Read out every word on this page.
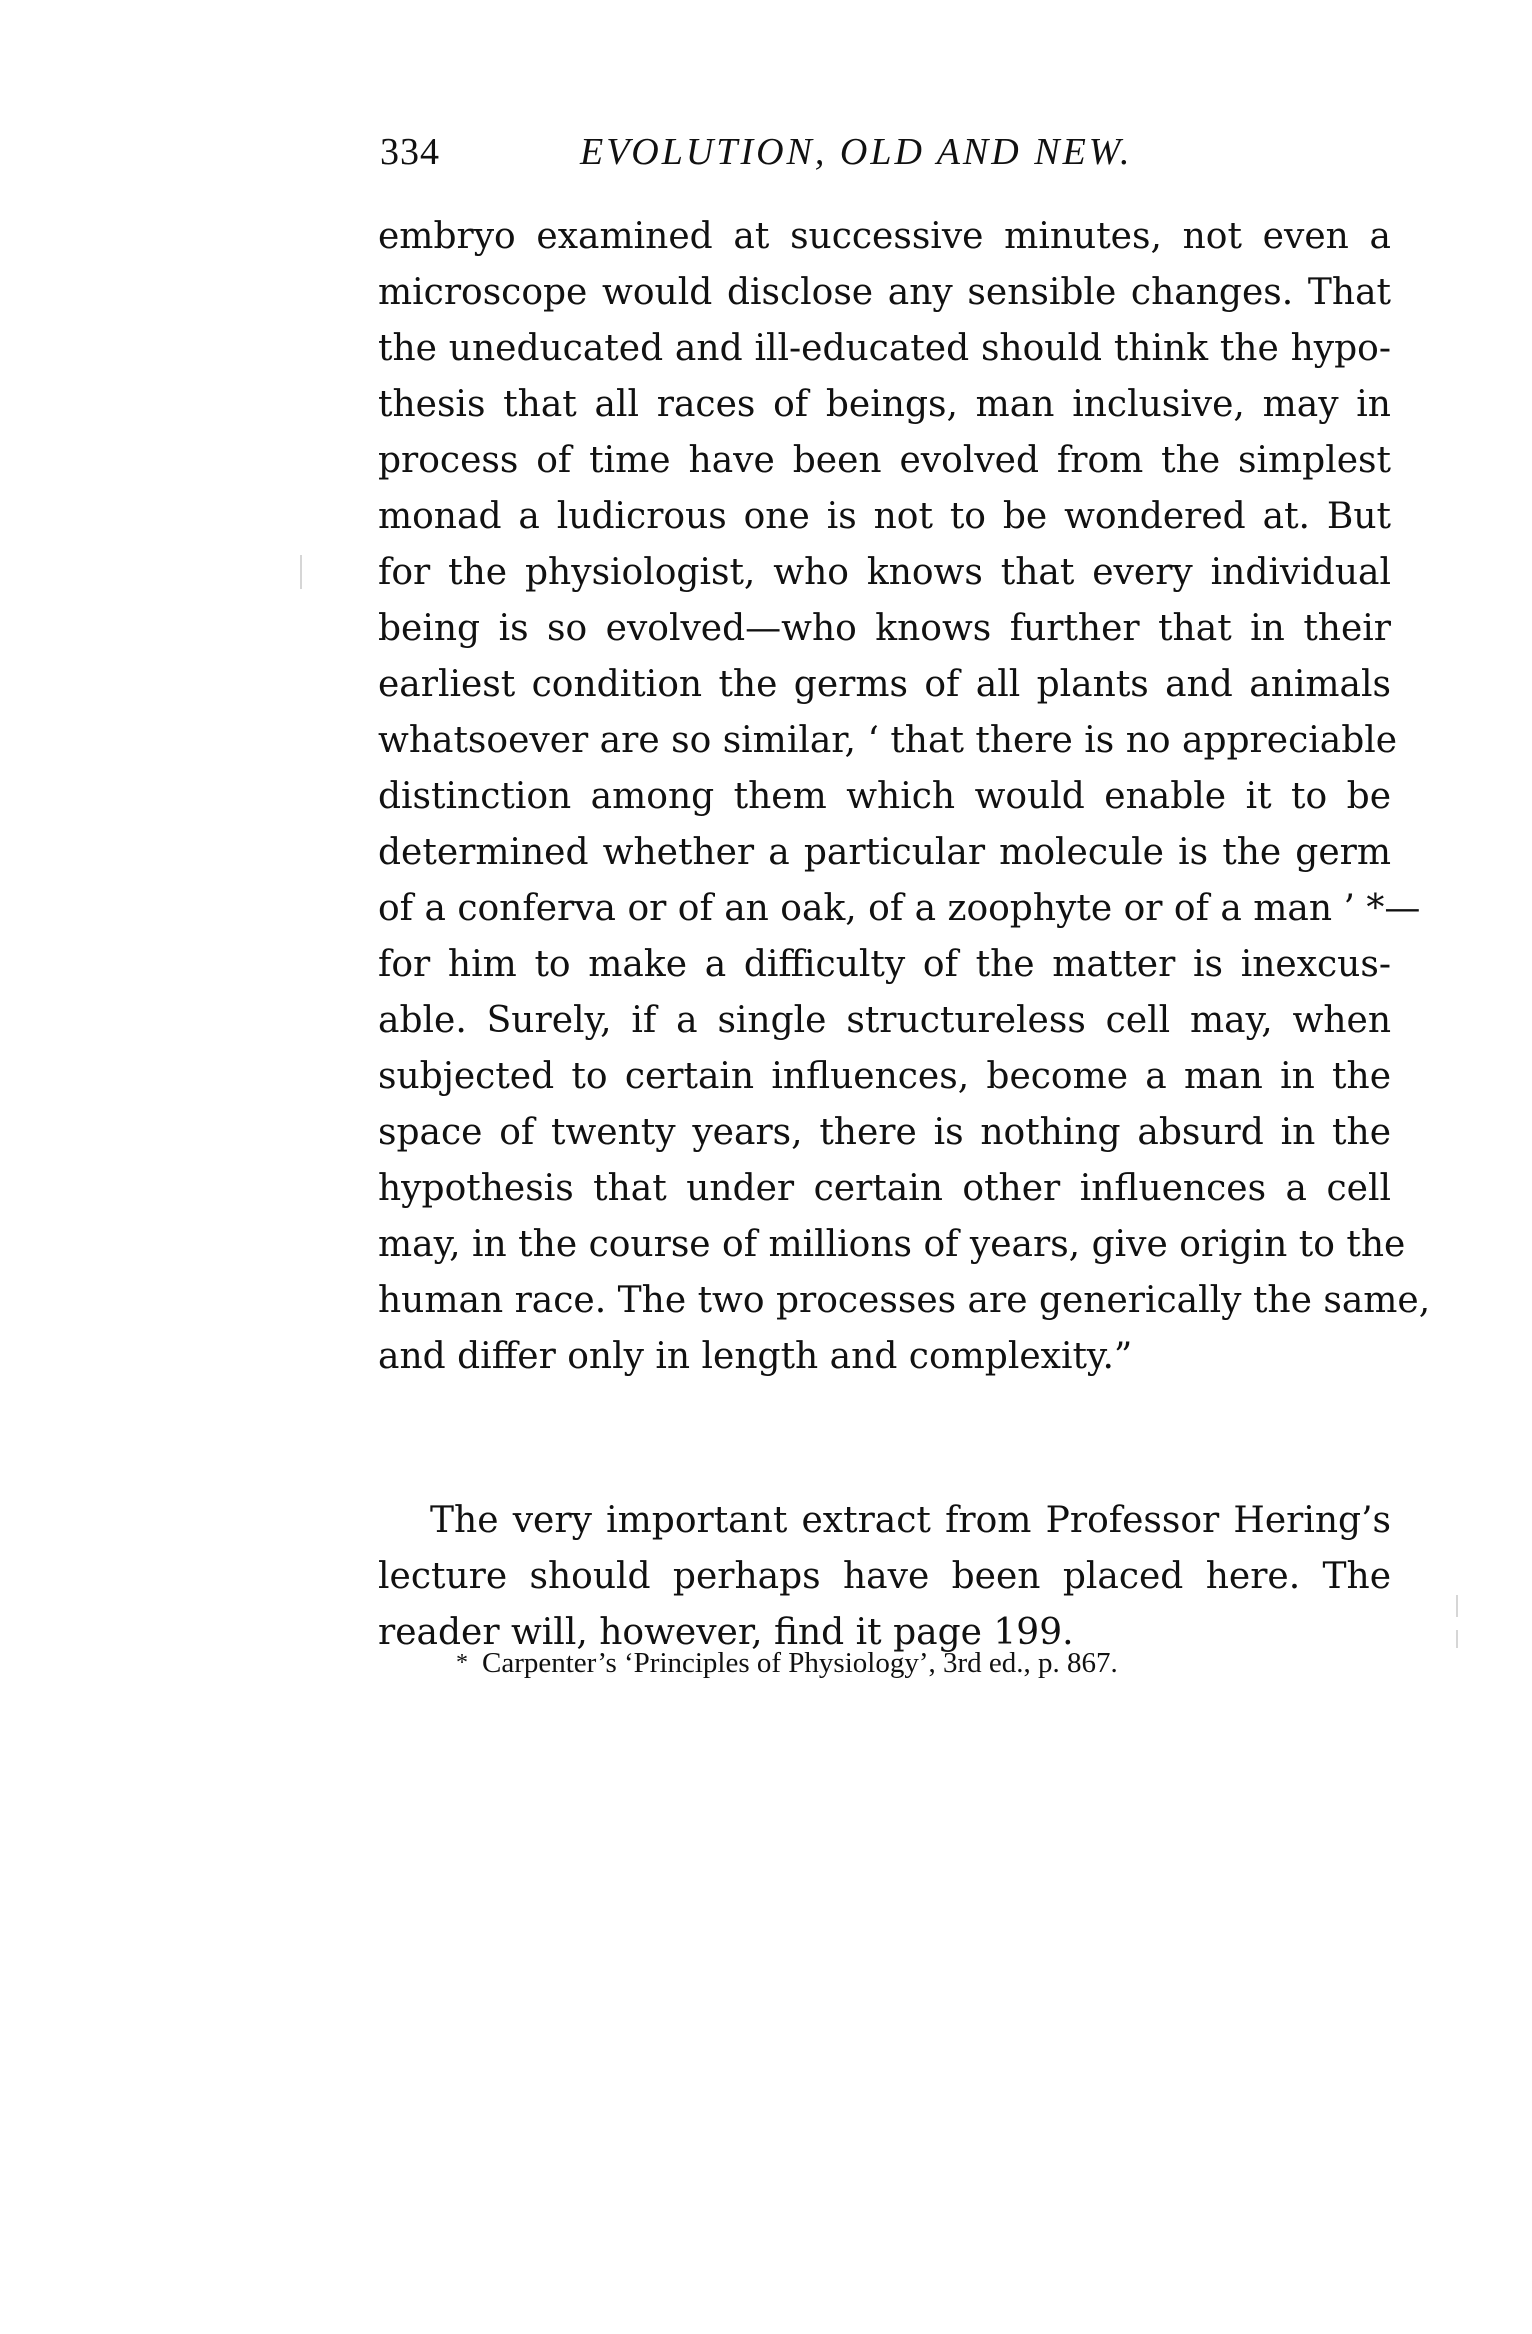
334	EVOLUTION, OLD AND NEW.
embryo examined at successive minutes, not even a
microscope would disclose any sensible changes. That
the uneducated and ill-educated should think the hypo-
thesis that all races of beings, man inclusive, may in
process of time have been evolved from the simplest
monad a ludicrous one is not to be wondered at. But
for the physiologist, who knows that every individual
being is so evolved—who knows further that in their
earliest condition the germs of all plants and animals
whatsoever are so similar, ‘ that there is no appreciable
distinction among them which would enable it to be
determined whether a particular molecule is the germ
of a conferva or of an oak, of a zoophyte or of a man ’ *—
for him to make a difficulty of the matter is inexcus-
able. Surely, if a single structureless cell may, when
subjected to certain influences, become a man in the
space of twenty years, there is nothing absurd in the
hypothesis that under certain other influences a cell
may, in the course of millions of years, give origin to the
human race. The two processes are generically the same,
and differ only in length and complexity.”
The very important extract from Professor Hering’s
lecture should perhaps have been placed here. The
reader will, however, find it page 199.
* Carpenter’s ‘Principles of Physiology’, 3rd ed., p. 867.
